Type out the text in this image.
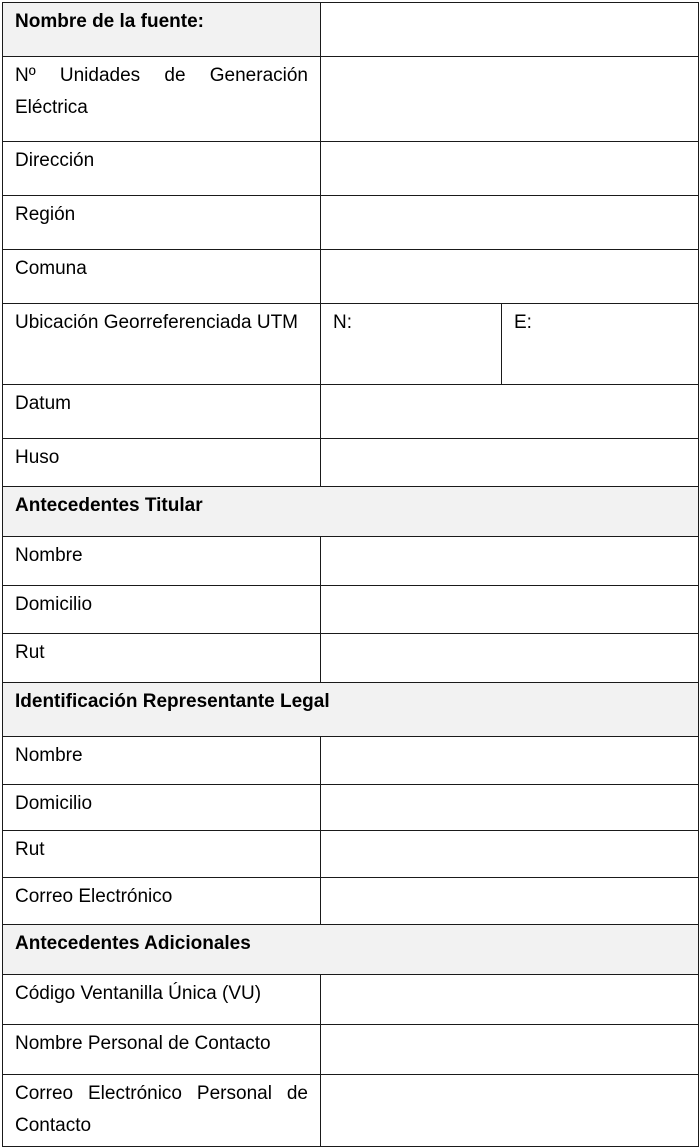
Nombre de la fuente:		

Nº Unidades de Generación Eléctrica		

Dirección		
Región		
Comuna		

Ubicación Georreferenciada UTM	N:	E:
Datum		
Huso		
Antecedentes Titular		
Nombre		
Domicilio		
Rut		
Identificación Representante Legal		
Nombre		
Domicilio		
Rut		
Correo Electrónico		
Antecedentes Adicionales		
Código Ventanilla Única (VU)		
Nombre Personal de Contacto		

Correo Electrónico Personal de Contacto		
